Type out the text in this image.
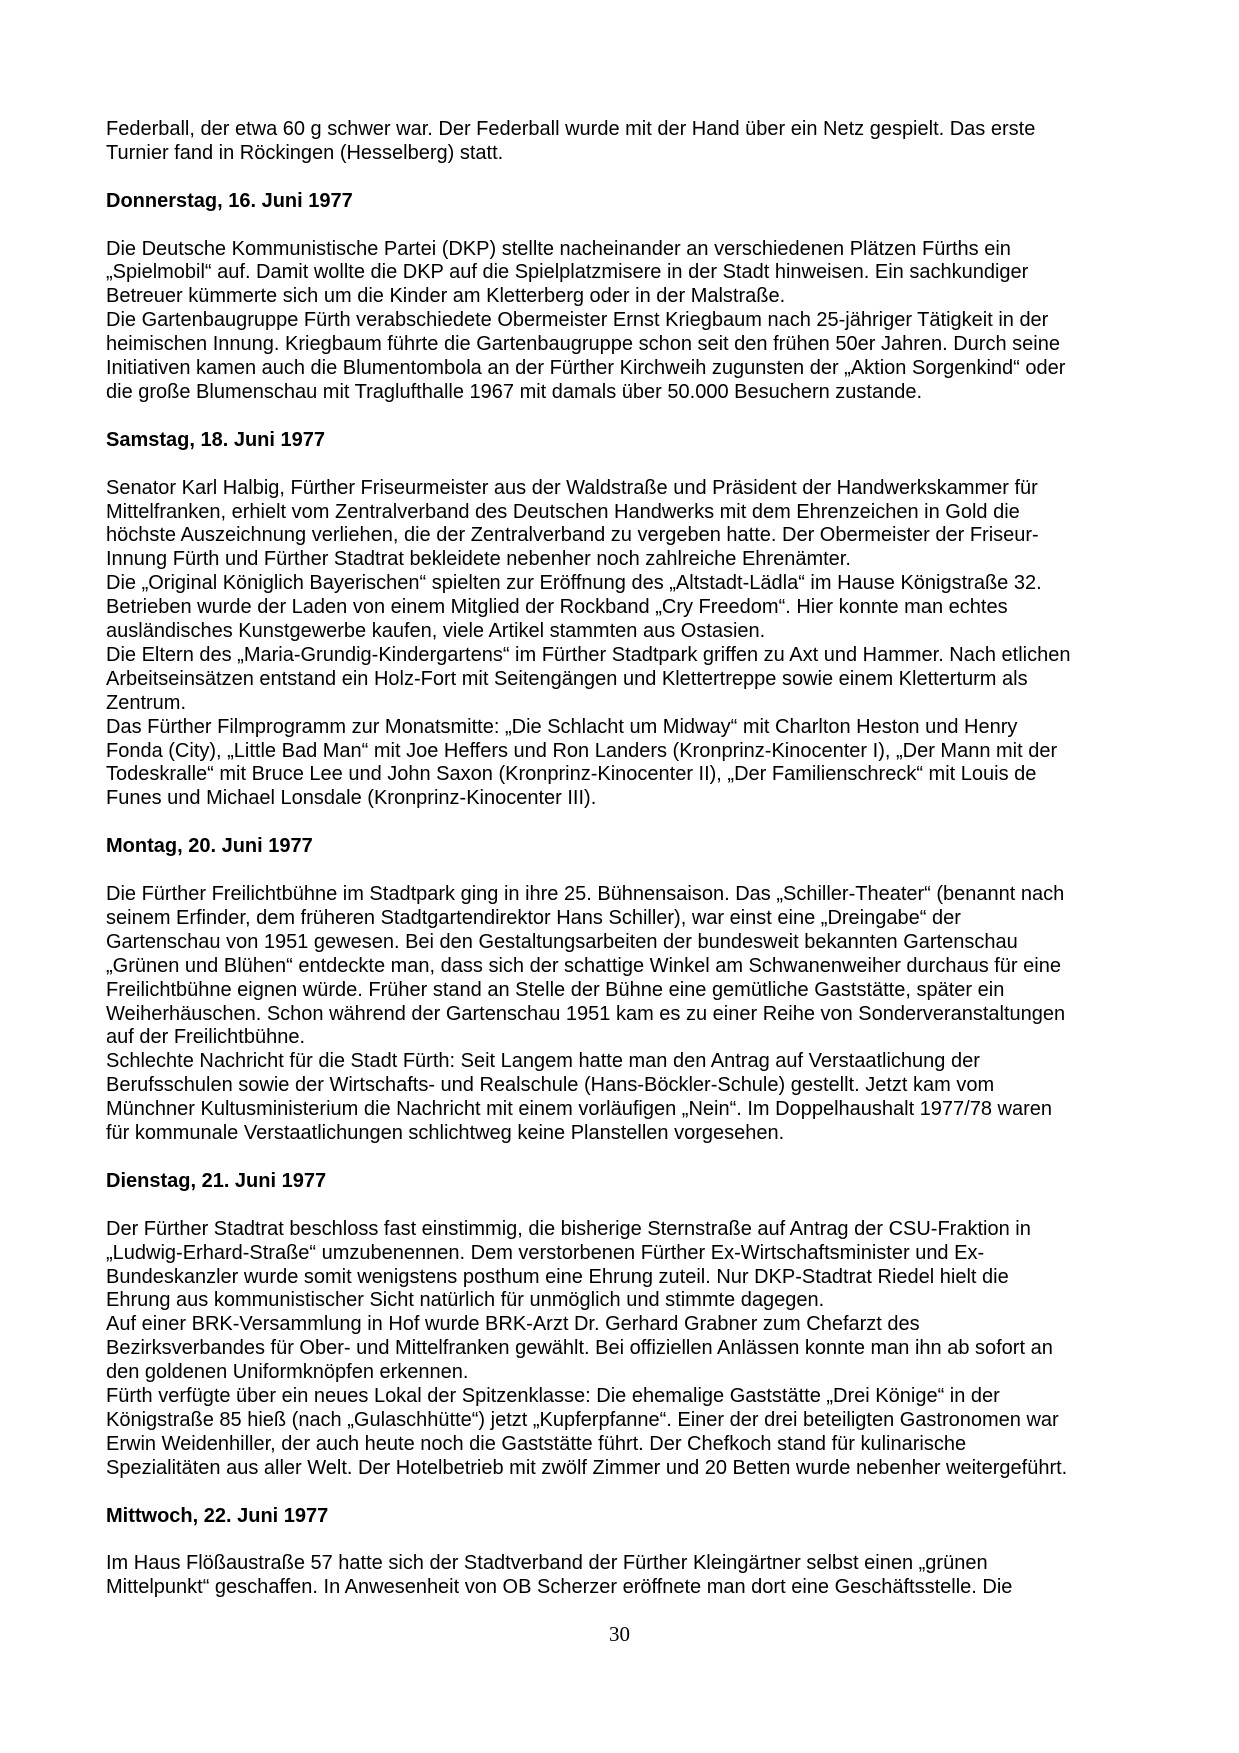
Federball, der etwa 60 g schwer war. Der Federball wurde mit der Hand über ein Netz gespielt. Das erste
Turnier fand in Röckingen (Hesselberg) statt.
Donnerstag, 16. Juni 1977
Die Deutsche Kommunistische Partei (DKP) stellte nacheinander an verschiedenen Plätzen Fürths ein
„Spielmobil“ auf. Damit wollte die DKP auf die Spielplatzmisere in der Stadt hinweisen. Ein sachkundiger
Betreuer kümmerte sich um die Kinder am Kletterberg oder in der Malstraße.
Die Gartenbaugruppe Fürth verabschiedete Obermeister Ernst Kriegbaum nach 25-jähriger Tätigkeit in der
heimischen Innung. Kriegbaum führte die Gartenbaugruppe schon seit den frühen 50er Jahren. Durch seine
Initiativen kamen auch die Blumentombola an der Fürther Kirchweih zugunsten der „Aktion Sorgenkind“ oder
die große Blumenschau mit Traglufthalle 1967 mit damals über 50.000 Besuchern zustande.
Samstag, 18. Juni 1977
Senator Karl Halbig, Fürther Friseurmeister aus der Waldstraße und Präsident der Handwerkskammer für
Mittelfranken, erhielt vom Zentralverband des Deutschen Handwerks mit dem Ehrenzeichen in Gold die
höchste Auszeichnung verliehen, die der Zentralverband zu vergeben hatte. Der Obermeister der Friseur-
Innung Fürth und Fürther Stadtrat bekleidete nebenher noch zahlreiche Ehrenämter.
Die „Original Königlich Bayerischen“ spielten zur Eröffnung des „Altstadt-Lädla“ im Hause Königstraße 32.
Betrieben wurde der Laden von einem Mitglied der Rockband „Cry Freedom“. Hier konnte man echtes
ausländisches Kunstgewerbe kaufen, viele Artikel stammten aus Ostasien.
Die Eltern des „Maria-Grundig-Kindergartens“ im Fürther Stadtpark griffen zu Axt und Hammer. Nach etlichen
Arbeitseinsätzen entstand ein Holz-Fort mit Seitengängen und Klettertreppe sowie einem Kletterturm als
Zentrum.
Das Fürther Filmprogramm zur Monatsmitte: „Die Schlacht um Midway“ mit Charlton Heston und Henry
Fonda (City), „Little Bad Man“ mit Joe Heffers und Ron Landers (Kronprinz-Kinocenter I), „Der Mann mit der
Todeskralle“ mit Bruce Lee und John Saxon (Kronprinz-Kinocenter II), „Der Familienschreck“ mit Louis de
Funes und Michael Lonsdale (Kronprinz-Kinocenter III).
Montag, 20. Juni 1977
Die Fürther Freilichtbühne im Stadtpark ging in ihre 25. Bühnensaison. Das „Schiller-Theater“ (benannt nach
seinem Erfinder, dem früheren Stadtgartendirektor Hans Schiller), war einst eine „Dreingabe“ der
Gartenschau von 1951 gewesen. Bei den Gestaltungsarbeiten der bundesweit bekannten Gartenschau
„Grünen und Blühen“ entdeckte man, dass sich der schattige Winkel am Schwanenweiher durchaus für eine
Freilichtbühne eignen würde. Früher stand an Stelle der Bühne eine gemütliche Gaststätte, später ein
Weiherhäuschen. Schon während der Gartenschau 1951 kam es zu einer Reihe von Sonderveranstaltungen
auf der Freilichtbühne.
Schlechte Nachricht für die Stadt Fürth: Seit Langem hatte man den Antrag auf Verstaatlichung der
Berufsschulen sowie der Wirtschafts- und Realschule (Hans-Böckler-Schule) gestellt. Jetzt kam vom
Münchner Kultusministerium die Nachricht mit einem vorläufigen „Nein“. Im Doppelhaushalt 1977/78 waren
für kommunale Verstaatlichungen schlichtweg keine Planstellen vorgesehen.
Dienstag, 21. Juni 1977
Der Fürther Stadtrat beschloss fast einstimmig, die bisherige Sternstraße auf Antrag der CSU-Fraktion in
„Ludwig-Erhard-Straße“ umzubenennen. Dem verstorbenen Fürther Ex-Wirtschaftsminister und Ex-
Bundeskanzler wurde somit wenigstens posthum eine Ehrung zuteil. Nur DKP-Stadtrat Riedel hielt die
Ehrung aus kommunistischer Sicht natürlich für unmöglich und stimmte dagegen.
Auf einer BRK-Versammlung in Hof wurde BRK-Arzt Dr. Gerhard Grabner zum Chefarzt des
Bezirksverbandes für Ober- und Mittelfranken gewählt. Bei offiziellen Anlässen konnte man ihn ab sofort an
den goldenen Uniformknöpfen erkennen.
Fürth verfügte über ein neues Lokal der Spitzenklasse: Die ehemalige Gaststätte „Drei Könige“ in der
Königstraße 85 hieß (nach „Gulaschhütte“) jetzt „Kupferpfanne“. Einer der drei beteiligten Gastronomen war
Erwin Weidenhiller, der auch heute noch die Gaststätte führt. Der Chefkoch stand für kulinarische
Spezialitäten aus aller Welt. Der Hotelbetrieb mit zwölf Zimmer und 20 Betten wurde nebenher weitergeführt.
Mittwoch, 22. Juni 1977
Im Haus Flößaustraße 57 hatte sich der Stadtverband der Fürther Kleingärtner selbst einen „grünen
Mittelpunkt“ geschaffen. In Anwesenheit von OB Scherzer eröffnete man dort eine Geschäftsstelle. Die
30
